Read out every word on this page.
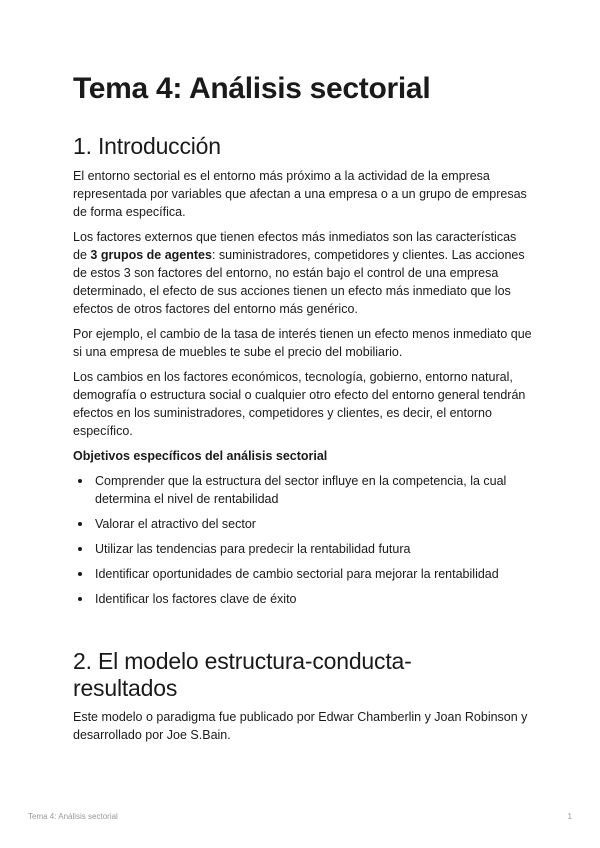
Tema 4: Análisis sectorial
1. Introducción

El entorno sectorial es el entorno más próximo a la actividad de la empresa representada por variables que afectan a una empresa o a un grupo de empresas de forma específica.

Los factores externos que tienen efectos más inmediatos son las características de 3 grupos de agentes: suministradores, competidores y clientes. Las acciones de estos 3 son factores del entorno, no están bajo el control de una empresa determinado, el efecto de sus acciones tienen un efecto más inmediato que los efectos de otros factores del entorno más genérico.

Por ejemplo, el cambio de la tasa de interés tienen un efecto menos inmediato que si una empresa de muebles te sube el precio del mobiliario.

Los cambios en los factores económicos, tecnología, gobierno, entorno natural, demografía o estructura social o cualquier otro efecto del entorno general tendrán efectos en los suministradores, competidores y clientes, es decir, el entorno específico.

Objetivos específicos del análisis sectorial

Comprender que la estructura del sector influye en la competencia, la cual determina el nivel de rentabilidad
Valorar el atractivo del sector
Utilizar las tendencias para predecir la rentabilidad futura
Identificar oportunidades de cambio sectorial para mejorar la rentabilidad
Identificar los factores clave de éxito
2. El modelo estructura-conducta-resultados

Este modelo o paradigma fue publicado por Edwar Chamberlin y Joan Robinson y desarrollado por Joe S.Bain.

Tema 4: Análisis sectorial	1
